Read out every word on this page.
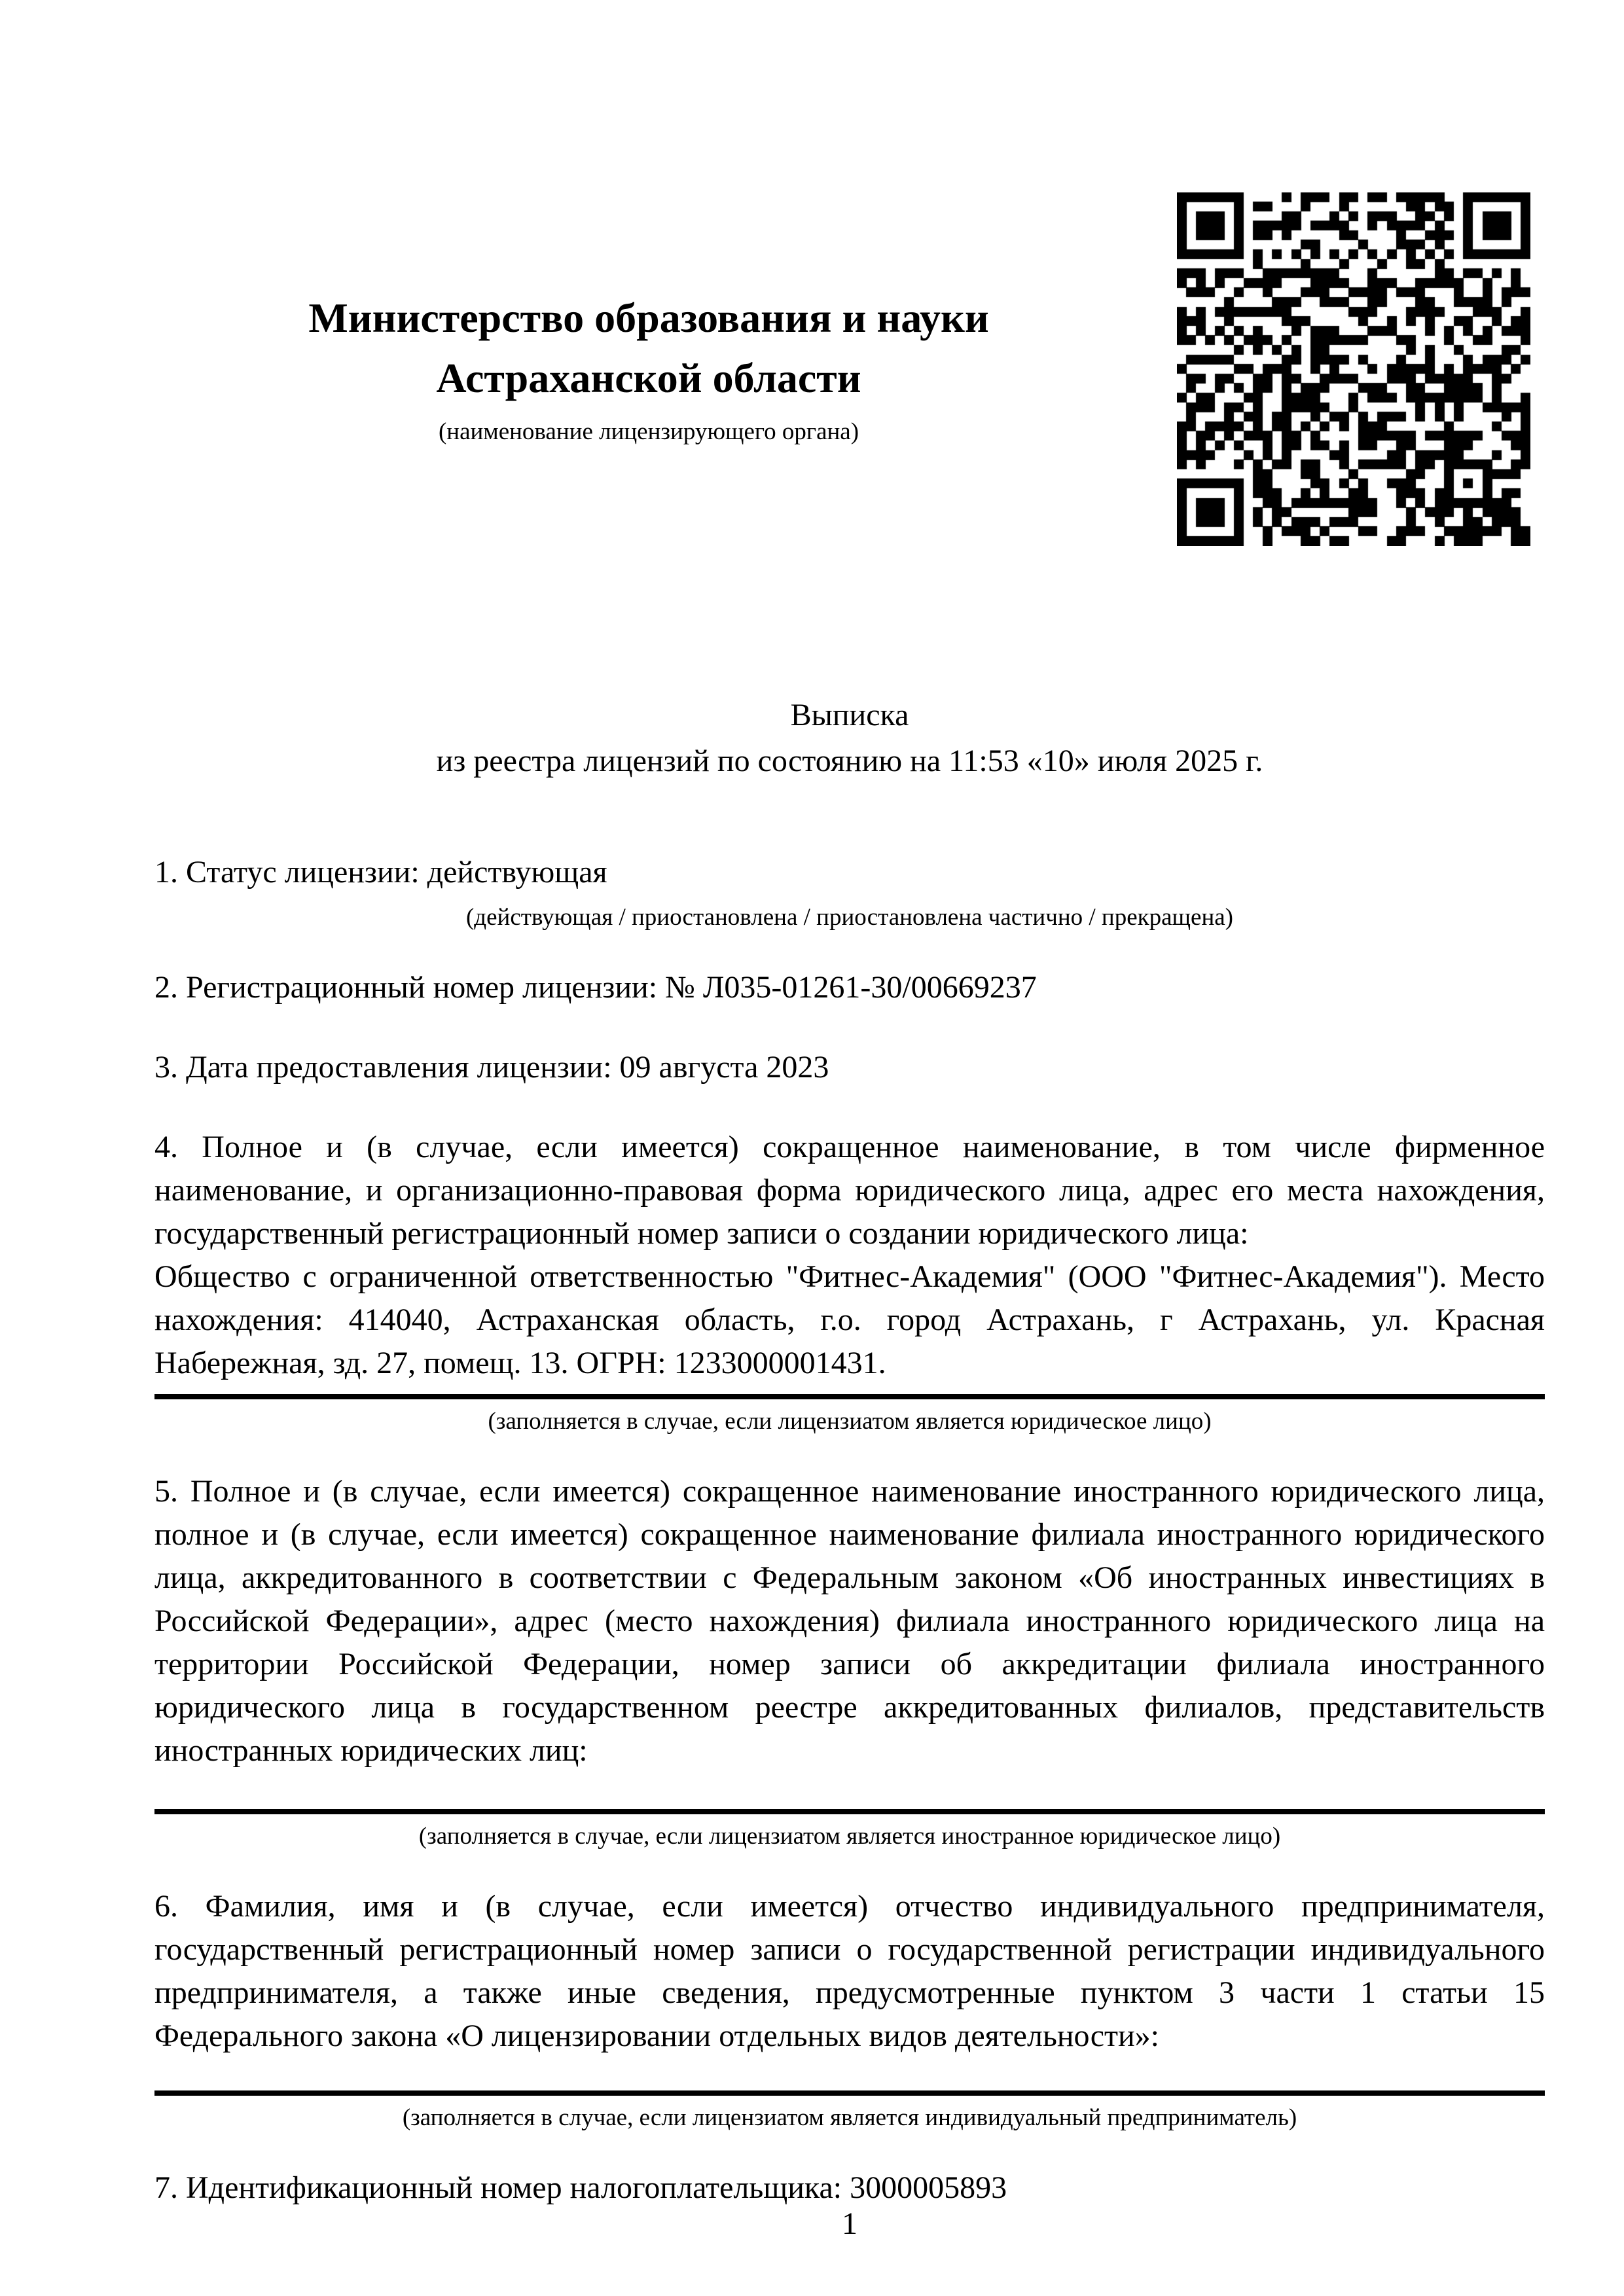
Министерство образования и науки
Астраханской области
(наименование лицензирующего органа)
Выписка
из реестра лицензий по состоянию на 11:53 «10» июля 2025 г.

1. Статус лицензии: действующая

(действующая / приостановлена / приостановлена частично / прекращена)

2. Регистрационный номер лицензии: № Л035-01261-30/00669237

3. Дата предоставления лицензии: 09 августа 2023

4. Полное и (в случае, если имеется) сокращенное наименование, в том числе фирменное наименование, и организационно-правовая форма юридического лица, адрес его места нахождения, государственный регистрационный номер записи о создании юридического лица:

Общество с ограниченной ответственностью "Фитнес-Академия" (ООО "Фитнес-Академия"). Место нахождения: 414040, Астраханская область, г.о. город Астрахань, г Астрахань, ул. Красная Набережная, зд. 27, помещ. 13. ОГРН: 1233000001431.

(заполняется в случае, если лицензиатом является юридическое лицо)

5. Полное и (в случае, если имеется) сокращенное наименование иностранного юридического лица, полное и (в случае, если имеется) сокращенное наименование филиала иностранного юридического лица, аккредитованного в соответствии с Федеральным законом «Об иностранных инвестициях в Российской Федерации», адрес (место нахождения) филиала иностранного юридического лица на территории Российской Федерации, номер записи об аккредитации филиала иностранного юридического лица в государственном реестре аккредитованных филиалов, представительств иностранных юридических лиц:

(заполняется в случае, если лицензиатом является иностранное юридическое лицо)

6. Фамилия, имя и (в случае, если имеется) отчество индивидуального предпринимателя, государственный регистрационный номер записи о государственной регистрации индивидуального предпринимателя, а также иные сведения, предусмотренные пунктом 3 части 1 статьи 15 Федерального закона «О лицензировании отдельных видов деятельности»:

(заполняется в случае, если лицензиатом является индивидуальный предприниматель)

7. Идентификационный номер налогоплательщика: 3000005893

1
